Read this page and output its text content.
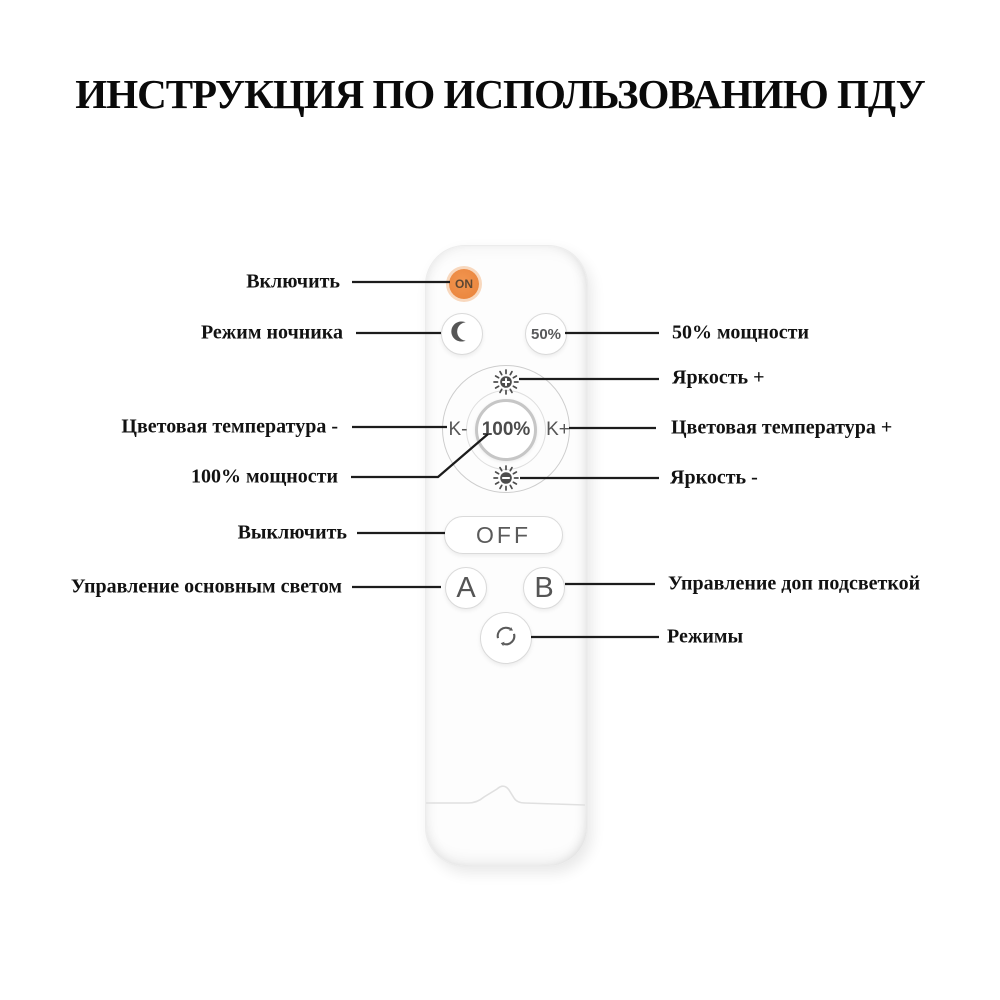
ИНСТРУКЦИЯ ПО ИСПОЛЬЗОВАНИЮ ПДУ
ON
50%
K- 100% K+
OFF
A	B
Включить
Режим ночника
Цветовая температура -
100% мощности
Выключить
Управление основным светом
50% мощности
Яркость +
Цветовая температура +
Яркость -
Управление доп подсветкой
Режимы
